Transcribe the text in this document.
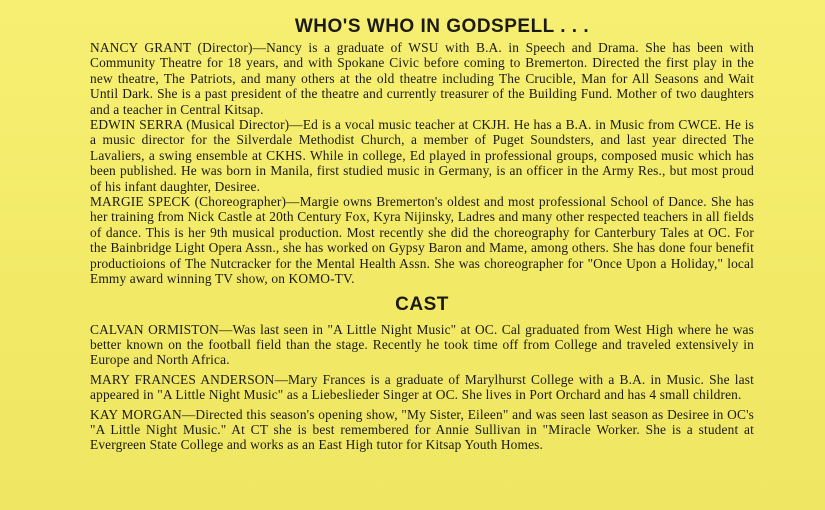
WHO'S WHO IN GODSPELL . . .

NANCY GRANT (Director)—Nancy is a graduate of WSU with B.A. in Speech and Drama. She has been with Community Theatre for 18 years, and with Spokane Civic before coming to Bremerton. Directed the first play in the new theatre, The Patriots, and many others at the old theatre including The Crucible, Man for All Seasons and Wait Until Dark. She is a past president of the theatre and currently treasurer of the Building Fund. Mother of two daughters and a teacher in Central Kitsap.

EDWIN SERRA (Musical Director)—Ed is a vocal music teacher at CKJH. He has a B.A. in Music from CWCE. He is a music director for the Silverdale Methodist Church, a member of Puget Soundsters, and last year directed The Lavaliers, a swing ensemble at CKHS. While in college, Ed played in professional groups, composed music which has been published. He was born in Manila, first studied music in Germany, is an officer in the Army Res., but most proud of his infant daughter, Desiree.

MARGIE SPECK (Choreographer)—Margie owns Bremerton's oldest and most professional School of Dance. She has her training from Nick Castle at 20th Century Fox, Kyra Nijinsky, Ladres and many other respected teachers in all fields of dance. This is her 9th musical production. Most recently she did the choreography for Canterbury Tales at OC. For the Bainbridge Light Opera Assn., she has worked on Gypsy Baron and Mame, among others. She has done four benefit productioions of The Nutcracker for the Mental Health Assn. She was choreographer for "Once Upon a Holiday," local Emmy award winning TV show, on KOMO-TV.

CAST

CALVAN ORMISTON—Was last seen in "A Little Night Music" at OC. Cal graduated from West High where he was better known on the football field than the stage. Recently he took time off from College and traveled extensively in Europe and North Africa.

MARY FRANCES ANDERSON—Mary Frances is a graduate of Marylhurst College with a B.A. in Music. She last appeared in "A Little Night Music" as a Liebeslieder Singer at OC. She lives in Port Orchard and has 4 small children.

KAY MORGAN—Directed this season's opening show, "My Sister, Eileen" and was seen last season as Desiree in OC's "A Little Night Music." At CT she is best remembered for Annie Sullivan in "Miracle Worker. She is a student at Evergreen State College and works as an East High tutor for Kitsap Youth Homes.
